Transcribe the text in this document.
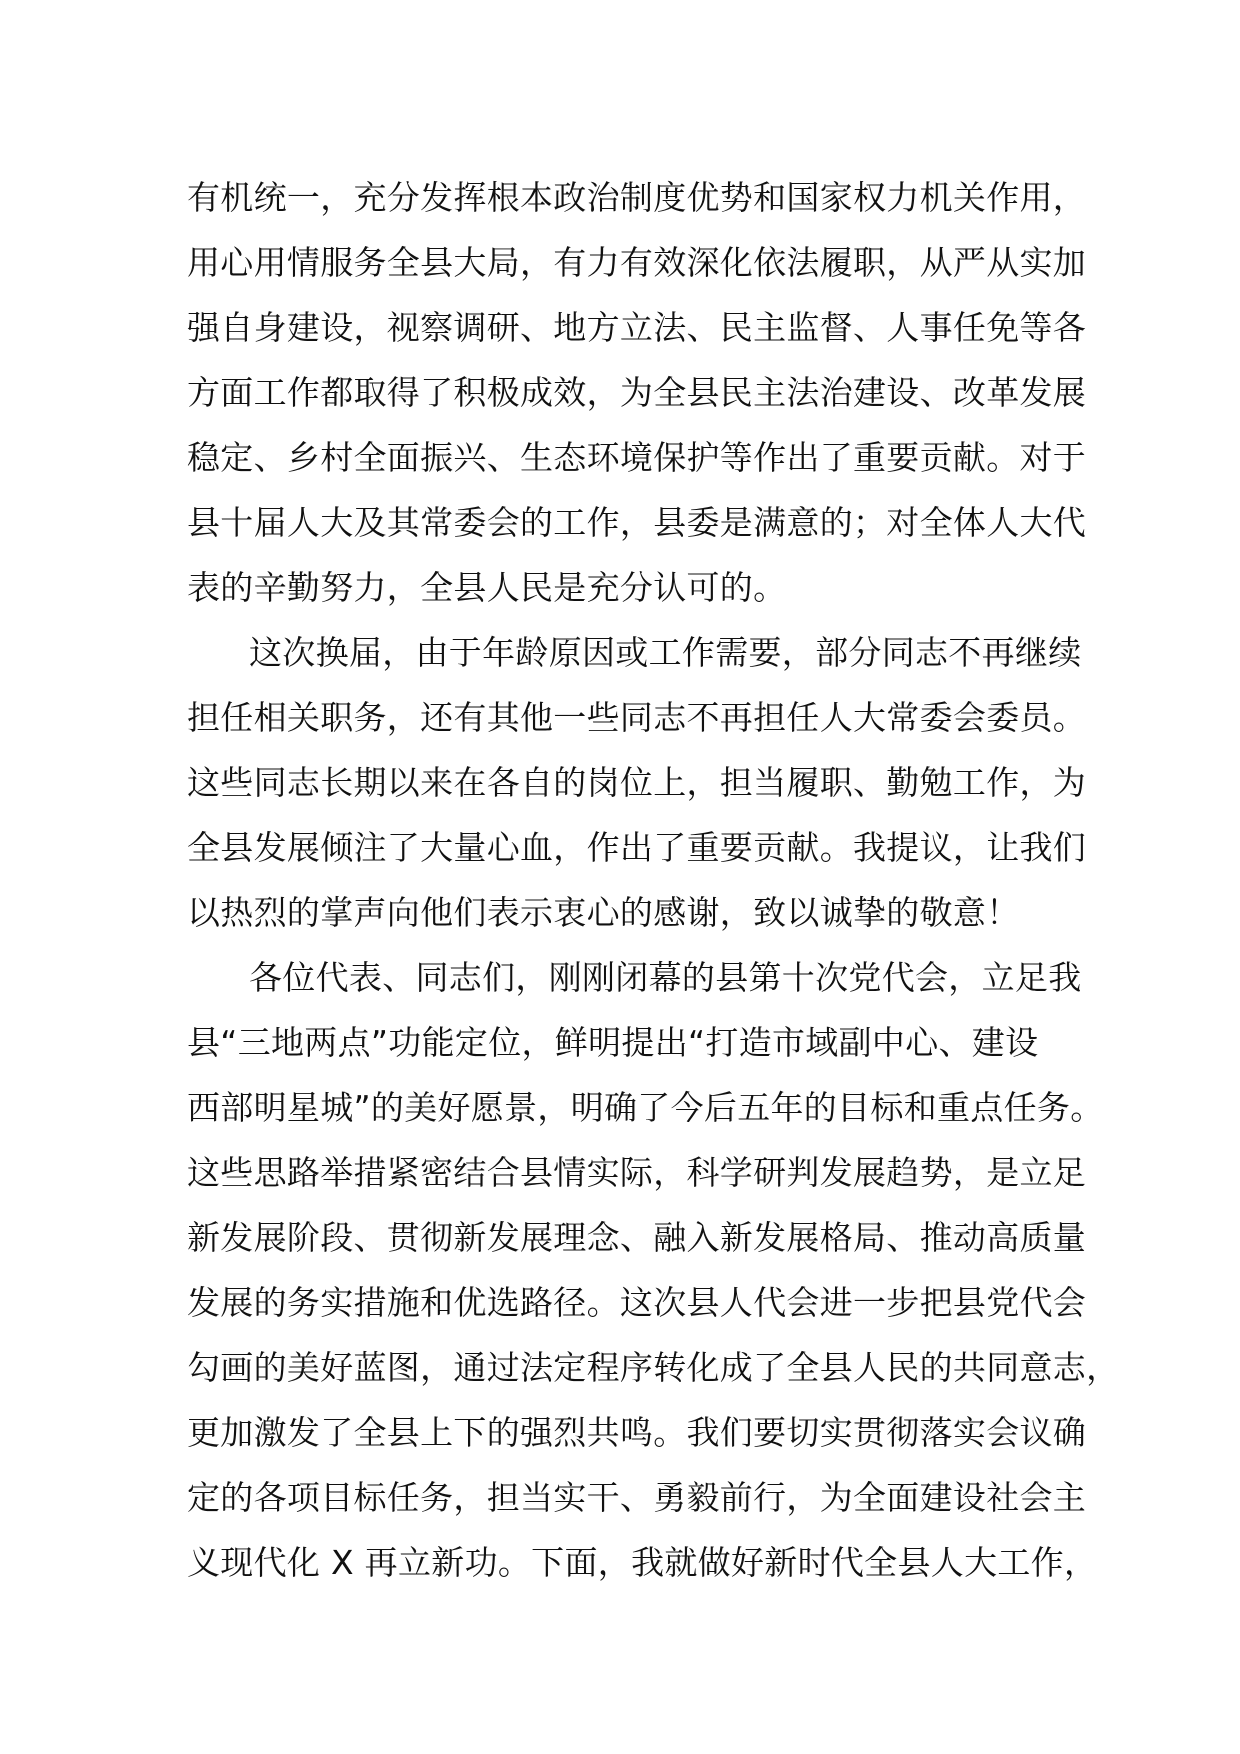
有机统一，充分发挥根本政治制度优势和国家权力机关作用，
用心用情服务全县大局，有力有效深化依法履职，从严从实加
强自身建设，视察调研、地方立法、民主监督、人事任免等各
方面工作都取得了积极成效，为全县民主法治建设、改革发展
稳定、乡村全面振兴、生态环境保护等作出了重要贡献。对于
县十届人大及其常委会的工作，县委是满意的；对全体人大代
表的辛勤努力，全县人民是充分认可的。
这次换届，由于年龄原因或工作需要，部分同志不再继续
担任相关职务，还有其他一些同志不再担任人大常委会委员。
这些同志长期以来在各自的岗位上，担当履职、勤勉工作，为
全县发展倾注了大量心血，作出了重要贡献。我提议，让我们
以热烈的掌声向他们表示衷心的感谢，致以诚挚的敬意！
各位代表、同志们，刚刚闭幕的县第十次党代会，立足我
县“三地两点”功能定位，鲜明提出“打造市域副中心、建设
西部明星城”的美好愿景，明确了今后五年的目标和重点任务。
这些思路举措紧密结合县情实际，科学研判发展趋势，是立足
新发展阶段、贯彻新发展理念、融入新发展格局、推动高质量
发展的务实措施和优选路径。这次县人代会进一步把县党代会
勾画的美好蓝图，通过法定程序转化成了全县人民的共同意志，
更加激发了全县上下的强烈共鸣。我们要切实贯彻落实会议确
定的各项目标任务，担当实干、勇毅前行，为全面建设社会主
义现代化 X 再立新功。下面，我就做好新时代全县人大工作，
